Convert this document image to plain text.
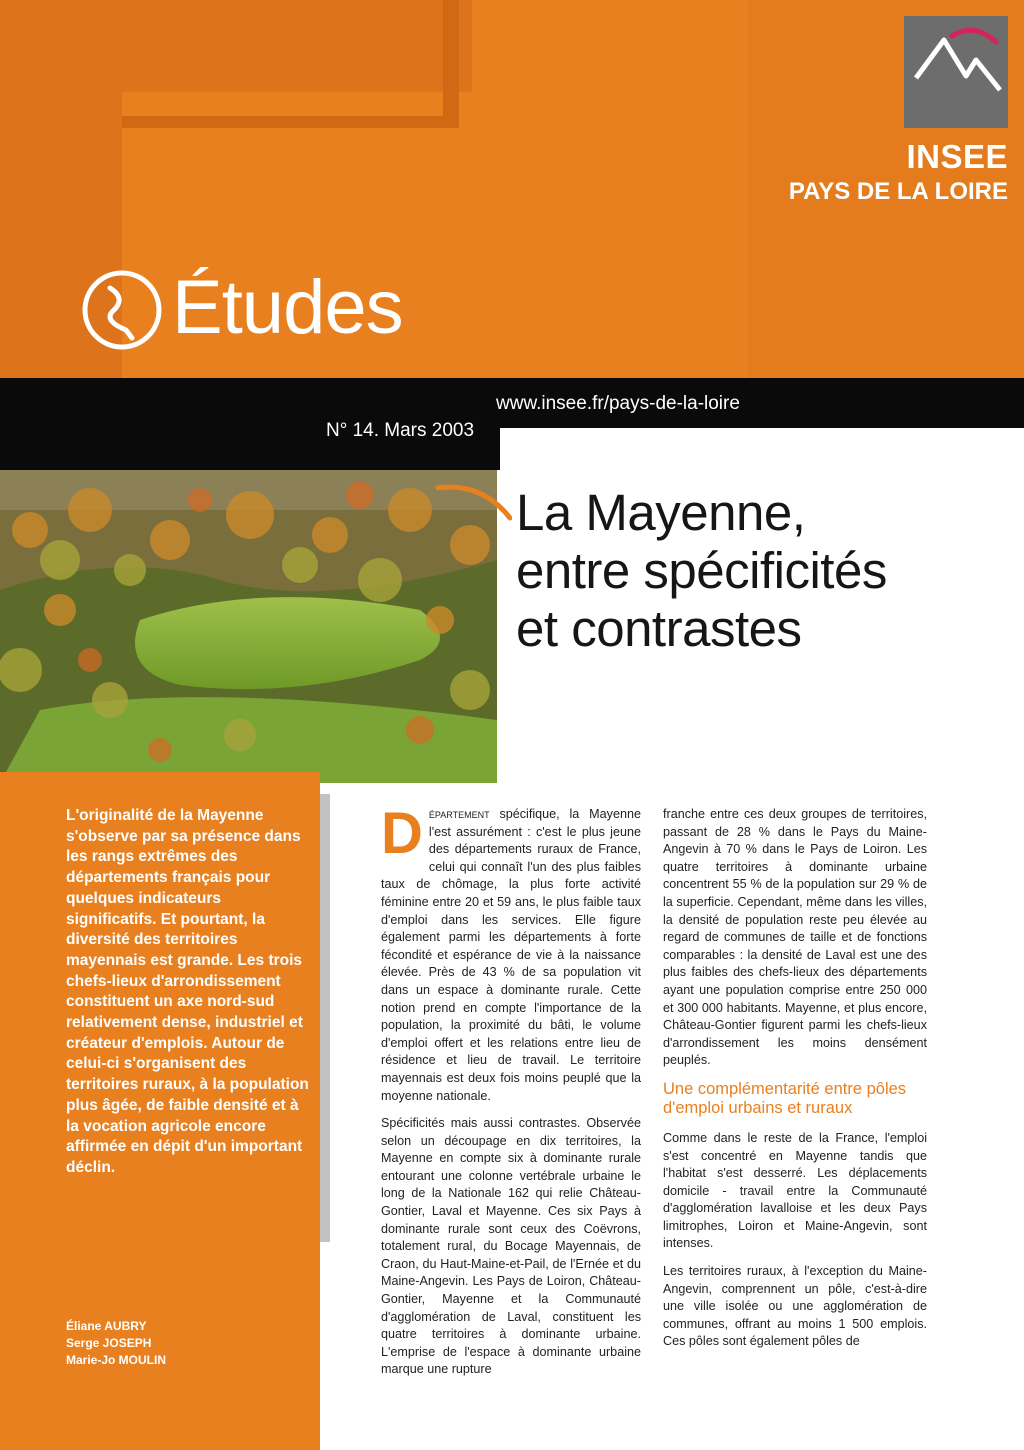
INSEE
PAYS DE LA LOIRE
Études
www.insee.fr/pays-de-la-loire
N° 14. Mars 2003
La Mayenne,
entre spécificités
et contrastes
L'originalité de la Mayenne s'observe par sa présence dans les rangs extrêmes des départements français pour quelques indicateurs significatifs. Et pourtant, la diversité des territoires mayennais est grande. Les trois chefs-lieux d'arrondissement constituent un axe nord-sud relativement dense, industriel et créateur d'emplois. Autour de celui-ci s'organisent des territoires ruraux, à la population plus âgée, de faible densité et à la vocation agricole encore affirmée en dépit d'un important déclin.
Éliane AUBRY
Serge JOSEPH
Marie-Jo MOULIN

Département spécifique, la Mayenne l'est assurément : c'est le plus jeune des départements ruraux de France, celui qui connaît l'un des plus faibles taux de chômage, la plus forte activité féminine entre 20 et 59 ans, le plus faible taux d'emploi dans les services. Elle figure également parmi les départements à forte fécondité et espérance de vie à la naissance élevée. Près de 43 % de sa population vit dans un espace à dominante rurale. Cette notion prend en compte l'importance de la population, la proximité du bâti, le volume d'emploi offert et les relations entre lieu de résidence et lieu de travail. Le territoire mayennais est deux fois moins peuplé que la moyenne nationale.

Spécificités mais aussi contrastes. Observée selon un découpage en dix territoires, la Mayenne en compte six à dominante rurale entourant une colonne vertébrale urbaine le long de la Nationale 162 qui relie Château-Gontier, Laval et Mayenne. Ces six Pays à dominante rurale sont ceux des Coëvrons, totalement rural, du Bocage Mayennais, de Craon, du Haut-Maine-et-Pail, de l'Ernée et du Maine-Angevin. Les Pays de Loiron, Château-Gontier, Mayenne et la Communauté d'agglomération de Laval, constituent les quatre territoires à dominante urbaine. L'emprise de l'espace à dominante urbaine marque une rupture

franche entre ces deux groupes de territoires, passant de 28 % dans le Pays du Maine-Angevin à 70 % dans le Pays de Loiron. Les quatre territoires à dominante urbaine concentrent 55 % de la population sur 29 % de la superficie. Cependant, même dans les villes, la densité de population reste peu élevée au regard de communes de taille et de fonctions comparables : la densité de Laval est une des plus faibles des chefs-lieux des départements ayant une population comprise entre 250 000 et 300 000 habitants. Mayenne, et plus encore, Château-Gontier figurent parmi les chefs-lieux d'arrondissement les moins densément peuplés.

Une complémentarité entre pôles d'emploi urbains et ruraux

Comme dans le reste de la France, l'emploi s'est concentré en Mayenne tandis que l'habitat s'est desserré. Les déplacements domicile - travail entre la Communauté d'agglomération lavalloise et les deux Pays limitrophes, Loiron et Maine-Angevin, sont intenses.

Les territoires ruraux, à l'exception du Maine-Angevin, comprennent un pôle, c'est-à-dire une ville isolée ou une agglomération de communes, offrant au moins 1 500 emplois. Ces pôles sont également pôles de
